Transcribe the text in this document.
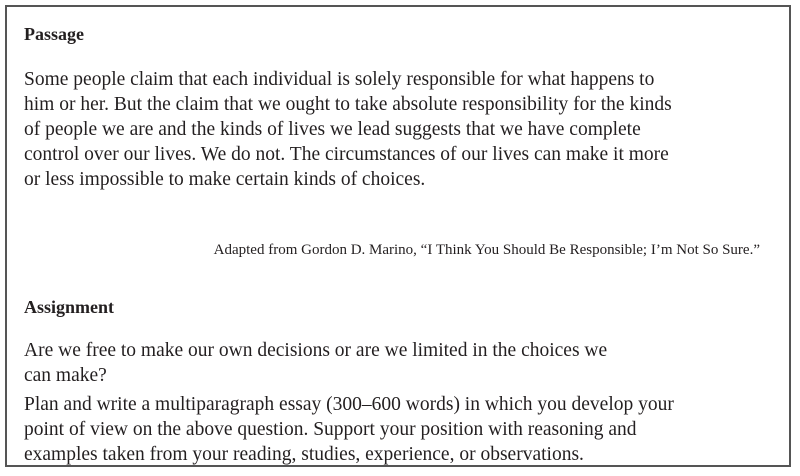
Passage
Some people claim that each individual is solely responsible for what happens to
him or her. But the claim that we ought to take absolute responsibility for the kinds
of people we are and the kinds of lives we lead suggests that we have complete
control over our lives. We do not. The circumstances of our lives can make it more
or less impossible to make certain kinds of choices.
Adapted from Gordon D. Marino, “I Think You Should Be Responsible; I’m Not So Sure.”
Assignment
Are we free to make our own decisions or are we limited in the choices we
can make?
Plan and write a multiparagraph essay (300–600 words) in which you develop your
point of view on the above question. Support your position with reasoning and
examples taken from your reading, studies, experience, or observations.
